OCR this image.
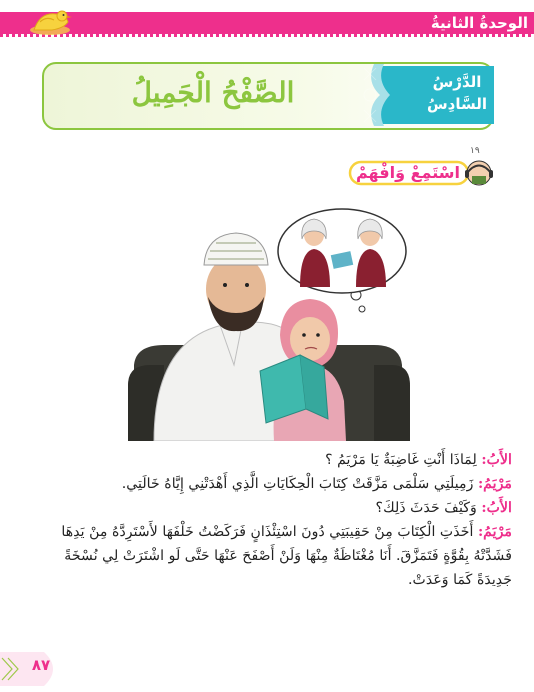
الوحدةُ الثانيةُ
الصَّفْحُ الْجَمِيلُ	الدَّرْسُ
السَّادِسُ
اسْتَمِعْ وَافْهَمْ
١٩

الأَبُ: لِمَاذَا أَنْتِ غَاضِبَةٌ يَا مَرْيَمُ ؟

مَرْيَمُ: زَمِيلَتِي سَلْمَى مَزَّقَتْ كِتَابَ الْحِكَايَاتِ الَّذِي أَهْدَتْنِي إِيَّاهُ خَالَتِي.

الأَبُ: وَكَيْفَ حَدَثَ ذَلِكَ؟

مَرْيَمُ: أَخَذَتِ الْكِتَابَ مِنْ حَقِيبَتِي دُونَ اسْتِئْذَانٍ فَرَكَضْتُ خَلْفَهَا لأَسْتَرِدَّهُ مِنْ يَدِهَا فَشَدَّتْهُ بِقُوَّةٍ فَتَمَزَّقَ. أَنَا مُغْتَاظَةٌ مِنْهَا وَلَنْ أَصْفَحَ عَنْهَا حَتَّى لَو اشْتَرَتْ لِي نُسْخَةً جَدِيدَةً كَمَا وَعَدَتْ.

٨٧
